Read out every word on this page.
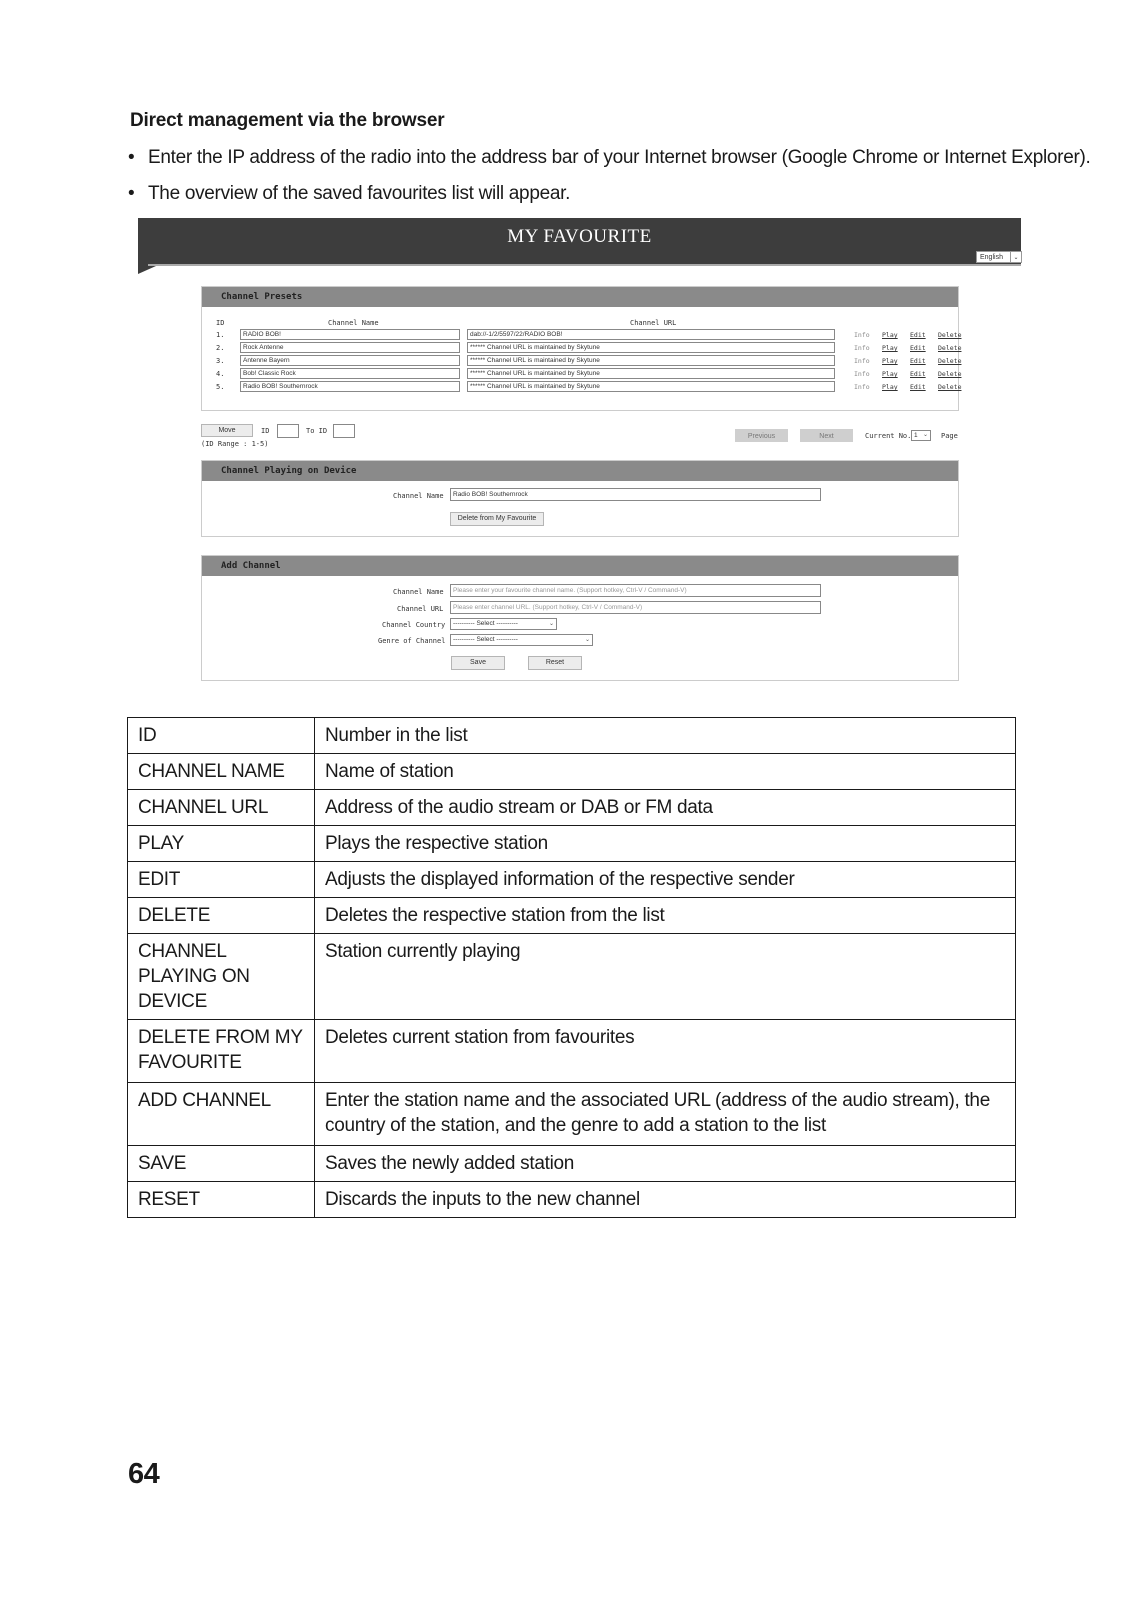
Direct management via the browser
• Enter the IP address of the radio into the address bar of your Internet browser (Google Chrome or Internet Explorer).
• The overview of the saved favourites list will appear.
MY FAVOURITE
English	⌄
Channel Presets
ID	Channel Name	Channel URL
1.	RADIO BOB!	dab://-1/2/5597/22/RADIO BOB!	Info Play Edit Delete
2.	Rock Antenne	****** Channel URL is maintained by Skytune	Info Play Edit Delete
3.	Antenne Bayern	****** Channel URL is maintained by Skytune	Info Play Edit Delete
4.	Bob! Classic Rock	****** Channel URL is maintained by Skytune	Info Play Edit Delete
5.	Radio BOB! Southernrock	****** Channel URL is maintained by Skytune	Info Play Edit Delete
Move	ID	To ID
(ID Range : 1-5)
Previous	Next	Current No. 1 ⌄ Page
Channel Playing on Device
Channel Name	Radio BOB! Southernrock
Delete from My Favourite
Add Channel
Channel Name	Please enter your favourite channel name. (Support hotkey, Ctrl-V / Command-V)
Channel URL	Please enter channel URL. (Support hotkey, Ctrl-V / Command-V)
Channel Country	---------- Select ----------	⌄
Genre of Channel	---------- Select ----------	⌄
Save	Reset
ID	Number in the list
CHANNEL NAME	Name of station
CHANNEL URL	Address of the audio stream or DAB or FM data
PLAY	Plays the respective station
EDIT	Adjusts the displayed information of the respective sender
DELETE	Deletes the respective station from the list
CHANNEL PLAYING ON DEVICE	Station currently playing
DELETE FROM MY FAVOURITE	Deletes current station from favourites
ADD CHANNEL	Enter the station name and the associated URL (address of the audio stream), the country of the station, and the genre to add a station to the list
SAVE	Saves the newly added station
RESET	Discards the inputs to the new channel
64
